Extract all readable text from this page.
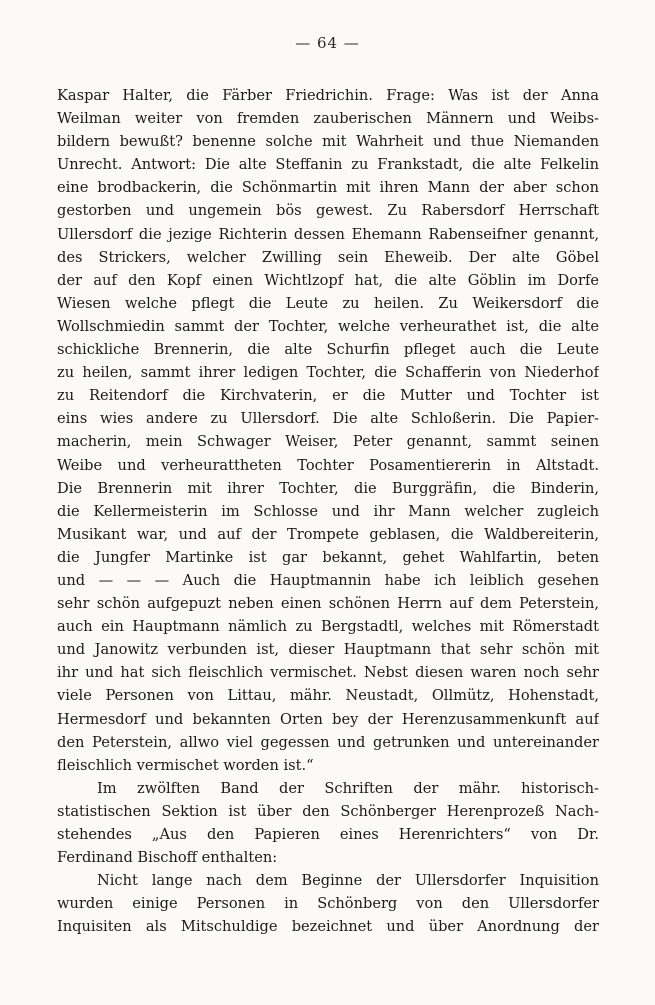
— 64 —
Kaspar Halter, die Färber Friedrichin. Frage: Was ist der Anna
Weilman weiter von fremden zauberischen Männern und Weibs-
bildern bewußt? benenne solche mit Wahrheit und thue Niemanden
Unrecht. Antwort: Die alte Steffanin zu Frankstadt, die alte Felkelin
eine brodbackerin, die Schönmartin mit ihren Mann der aber schon
gestorben und ungemein bös gewest. Zu Rabersdorf Herrschaft
Ullersdorf die jezige Richterin dessen Ehemann Rabenseifner genannt,
des Strickers, welcher Zwilling sein Eheweib. Der alte Göbel
der auf den Kopf einen Wichtlzopf hat, die alte Göblin im Dorfe
Wiesen welche pflegt die Leute zu heilen. Zu Weikersdorf die
Wollschmiedin sammt der Tochter, welche verheurathet ist, die alte
schickliche Brennerin, die alte Schurfin pfleget auch die Leute
zu heilen, sammt ihrer ledigen Tochter, die Schafferin von Niederhof
zu Reitendorf die Kirchvaterin, er die Mutter und Tochter ist
eins wies andere zu Ullersdorf. Die alte Schloßerin. Die Papier-
macherin, mein Schwager Weiser, Peter genannt, sammt seinen
Weibe und verheurattheten Tochter Posamentiererin in Altstadt.
Die Brennerin mit ihrer Tochter, die Burggräfin, die Binderin,
die Kellermeisterin im Schlosse und ihr Mann welcher zugleich
Musikant war, und auf der Trompete geblasen, die Waldbereiterin,
die Jungfer Martinke ist gar bekannt, gehet Wahlfartin, beten
und — — — Auch die Hauptmannin habe ich leiblich gesehen
sehr schön aufgepuzt neben einen schönen Herrn auf dem Peterstein,
auch ein Hauptmann nämlich zu Bergstadtl, welches mit Römerstadt
und Janowitz verbunden ist, dieser Hauptmann that sehr schön mit
ihr und hat sich fleischlich vermischet. Nebst diesen waren noch sehr
viele Personen von Littau, mähr. Neustadt, Ollmütz, Hohenstadt,
Hermesdorf und bekannten Orten bey der Herenzusammenkunft auf
den Peterstein, allwo viel gegessen und getrunken und untereinander
fleischlich vermischet worden ist.“
Im zwölften Band der Schriften der mähr. historisch-
statistischen Sektion ist über den Schönberger Herenprozeß Nach-
stehendes „Aus den Papieren eines Herenrichters“ von Dr.
Ferdinand Bischoff enthalten:
Nicht lange nach dem Beginne der Ullersdorfer Inquisition
wurden einige Personen in Schönberg von den Ullersdorfer
Inquisiten als Mitschuldige bezeichnet und über Anordnung der
